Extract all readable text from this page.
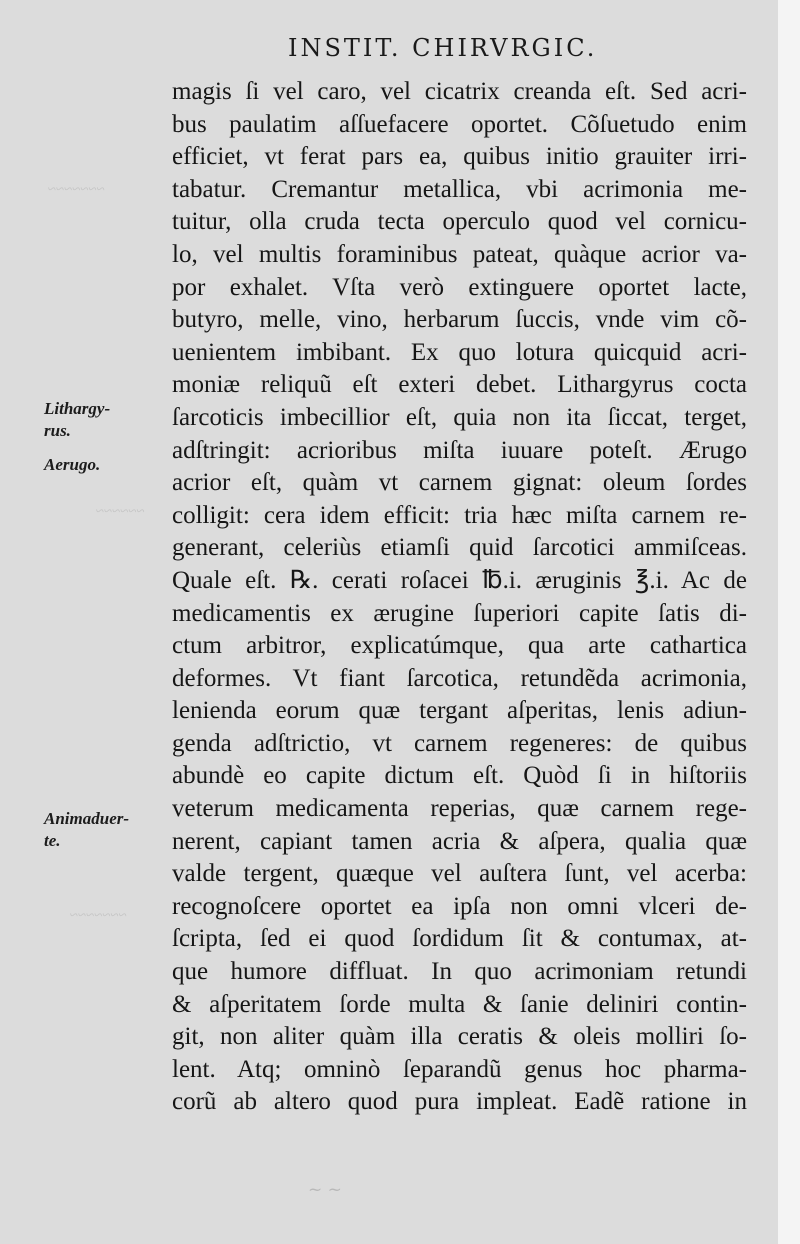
~~~~~~~
~~~~~~
~~~~~~~
INSTIT. CHIRVRGIC.
Lithargy-
rus.
Aerugo.
Animaduer-
te.
magis ſi vel caro, vel cicatrix creanda eſt. Sed acri-
bus paulatim aſſuefacere oportet. Cõſuetudo enim
efficiet, vt ferat pars ea, quibus initio grauiter irri-
tabatur. Cremantur metallica, vbi acrimonia me-
tuitur, olla cruda tecta operculo quod vel cornicu-
lo, vel multis foraminibus pateat, quàque acrior va-
por exhalet. Vſta verò extinguere oportet lacte,
butyro, melle, vino, herbarum ſuccis, vnde vim cõ-
uenientem imbibant. Ex quo lotura quicquid acri-
moniæ reliquũ eſt exteri debet. Lithargyrus cocta
ſarcoticis imbecillior eſt, quia non ita ſiccat, terget,
adſtringit: acrioribus miſta iuuare poteſt. Ærugo
acrior eſt, quàm vt carnem gignat: oleum ſordes
colligit: cera idem efficit: tria hæc miſta carnem re-
generant, celeriùs etiamſi quid ſarcotici ammiſceas.
Quale eſt. ℞. cerati roſacei ℔.i. æruginis ℥.i. Ac de
medicamentis ex ærugine ſuperiori capite ſatis di-
ctum arbitror, explicatúmque, qua arte cathartica
deformes. Vt fiant ſarcotica, retundẽda acrimonia,
lenienda eorum quæ tergant aſperitas, lenis adiun-
genda adſtrictio, vt carnem regeneres: de quibus
abundè eo capite dictum eſt. Quòd ſi in hiſtoriis
veterum medicamenta reperias, quæ carnem rege-
nerent, capiant tamen acria & aſpera, qualia quæ
valde tergent, quæque vel auſtera ſunt, vel acerba:
recognoſcere oportet ea ipſa non omni vlceri de-
ſcripta, ſed ei quod ſordidum ſit & contumax, at-
que humore diffluat. In quo acrimoniam retundi
& aſperitatem ſorde multa & ſanie deliniri contin-
git, non aliter quàm illa ceratis & oleis molliri ſo-
lent. Atq; omninò ſeparandũ genus hoc pharma-
corũ ab altero quod pura impleat. Eadẽ ratione in
~ ~
